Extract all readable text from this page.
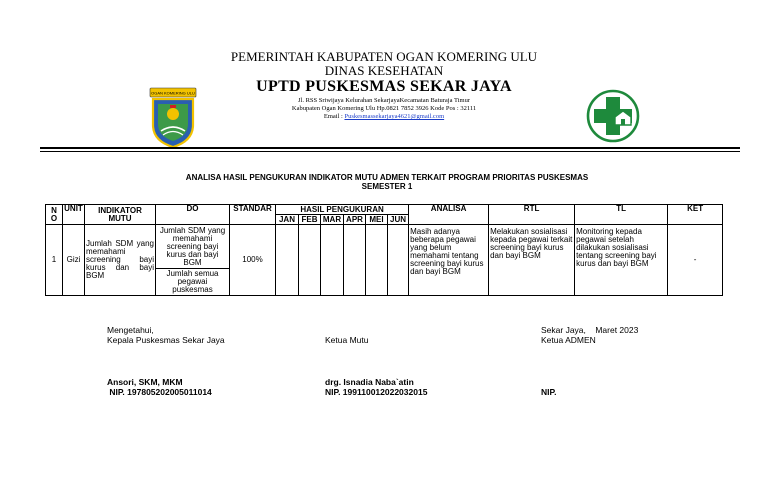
PEMERINTAH KABUPATEN OGAN KOMERING ULU
DINAS KESEHATAN
UPTD PUSKESMAS SEKAR JAYA
Jl. RSS Sriwijaya Kelurahan SekarjayaKecamatan Baturaja Timur
Kabupaten Ogan Komering Ulu Hp.0821 7852 3926 Kode Pos : 32111
Email : Puskesmassekarjaya4621@gmail.com
OGAN KOMERING ULU
ANALISA HASIL PENGUKURAN INDIKATOR MUTU ADMEN TERKAIT PROGRAM PRIORITAS PUSKESMAS
SEMESTER 1
N O	UNIT	INDIKATOR MUTU	DO	STANDAR	HASIL PENGUKURAN						ANALISA	RTL	TL	KET
					JAN	FEB	MAR	APR	MEI	JUN				
1	Gizi	Jumlah SDM yang memahami screening bayi kurus dan bayi BGM	Jumlah SDM yang memahami screening bayi kurus dan bayi BGM	100%							Masih adanya beberapa pegawai yang belum memahami tentang screening bayi kurus dan bayi BGM	Melakukan sosialisasi kepada pegawai terkait screening bayi kurus dan bayi BGM	Monitoring kepada pegawai setelah dilakukan sosialisasi tentang screening bayi kurus dan bayi BGM	-
			Jumlah semua pegawai puskesmas											
Mengetahui,
Kepala Puskesmas Sekar Jaya
Ansori, SKM, MKM
NIP. 197805202005011014
Ketua Mutu
drg. Isnadia Naba`atin
NIP. 199110012022032015
Sekar Jaya,    Maret 2023
Ketua ADMEN
NIP.
